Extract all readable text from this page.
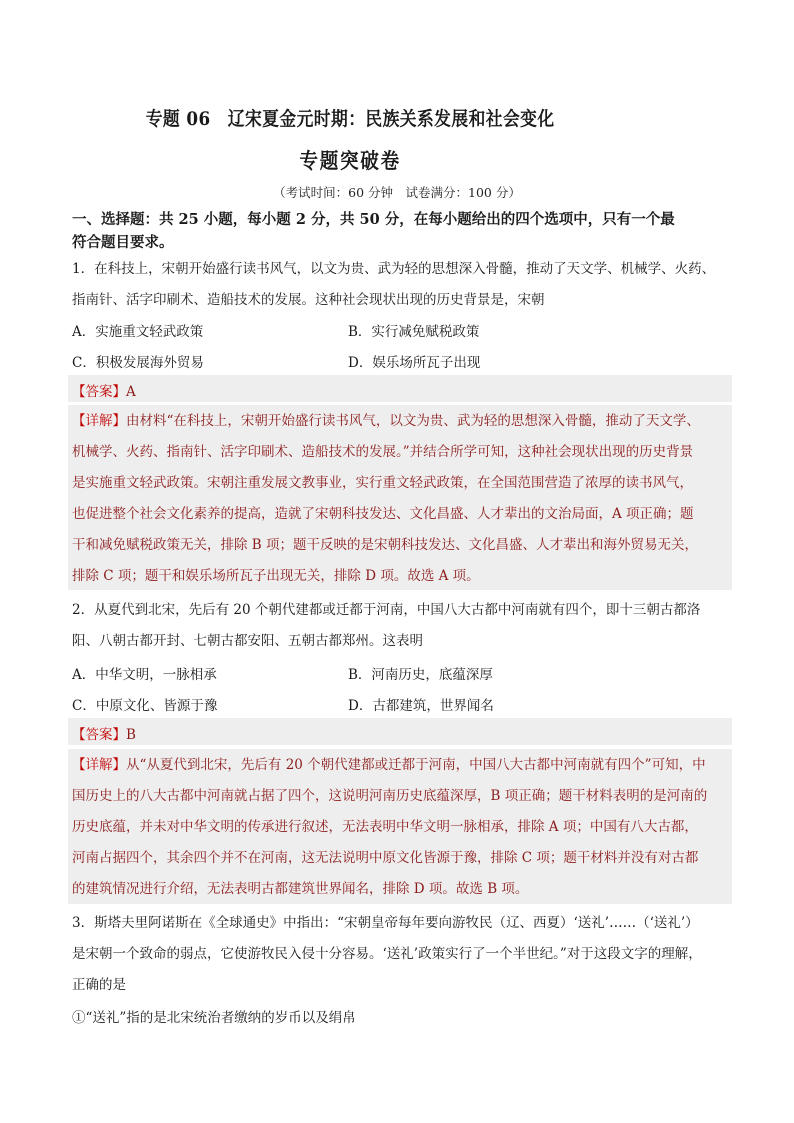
专题 06　辽宋夏金元时期：民族关系发展和社会变化
专题突破卷
（考试时间：60 分钟　试卷满分：100 分）
一、选择题：共 25 小题，每小题 2 分，共 50 分，在每小题给出的四个选项中，只有一个最
符合题目要求。
1．在科技上，宋朝开始盛行读书风气，以文为贵、武为轻的思想深入骨髓，推动了天文学、机械学、火药、
指南针、活字印刷术、造船技术的发展。这种社会现状出现的历史背景是，宋朝
A．实施重文轻武政策	B．实行减免赋税政策
C．积极发展海外贸易	D．娱乐场所瓦子出现
【答案】A
【详解】由材料“在科技上，宋朝开始盛行读书风气，以文为贵、武为轻的思想深入骨髓，推动了天文学、
机械学、火药、指南针、活字印刷术、造船技术的发展。”并结合所学可知，这种社会现状出现的历史背景
是实施重文轻武政策。宋朝注重发展文教事业，实行重文轻武政策，在全国范围营造了浓厚的读书风气，
也促进整个社会文化素养的提高，造就了宋朝科技发达、文化昌盛、人才辈出的文治局面，A 项正确；题
干和减免赋税政策无关，排除 B 项；题干反映的是宋朝科技发达、文化昌盛、人才辈出和海外贸易无关，
排除 C 项；题干和娱乐场所瓦子出现无关，排除 D 项。故选 A 项。
2．从夏代到北宋，先后有 20 个朝代建都或迁都于河南，中国八大古都中河南就有四个，即十三朝古都洛
阳、八朝古都开封、七朝古都安阳、五朝古都郑州。这表明
A．中华文明，一脉相承	B．河南历史，底蕴深厚
C．中原文化、皆源于豫	D．古都建筑，世界闻名
【答案】B
【详解】从“从夏代到北宋，先后有 20 个朝代建都或迁都于河南，中国八大古都中河南就有四个”可知，中
国历史上的八大古都中河南就占据了四个，这说明河南历史底蕴深厚，B 项正确；题干材料表明的是河南的
历史底蕴，并未对中华文明的传承进行叙述，无法表明中华文明一脉相承，排除 A 项；中国有八大古都，
河南占据四个，其余四个并不在河南，这无法说明中原文化皆源于豫，排除 C 项；题干材料并没有对古都
的建筑情况进行介绍，无法表明古都建筑世界闻名，排除 D 项。故选 B 项。
3．斯塔夫里阿诺斯在《全球通史》中指出：“宋朝皇帝每年要向游牧民（辽、西夏）‘送礼’……（‘送礼’）
是宋朝一个致命的弱点，它使游牧民入侵十分容易。‘送礼’政策实行了一个半世纪。”对于这段文字的理解，
正确的是
①“送礼”指的是北宋统治者缴纳的岁币以及绢帛
